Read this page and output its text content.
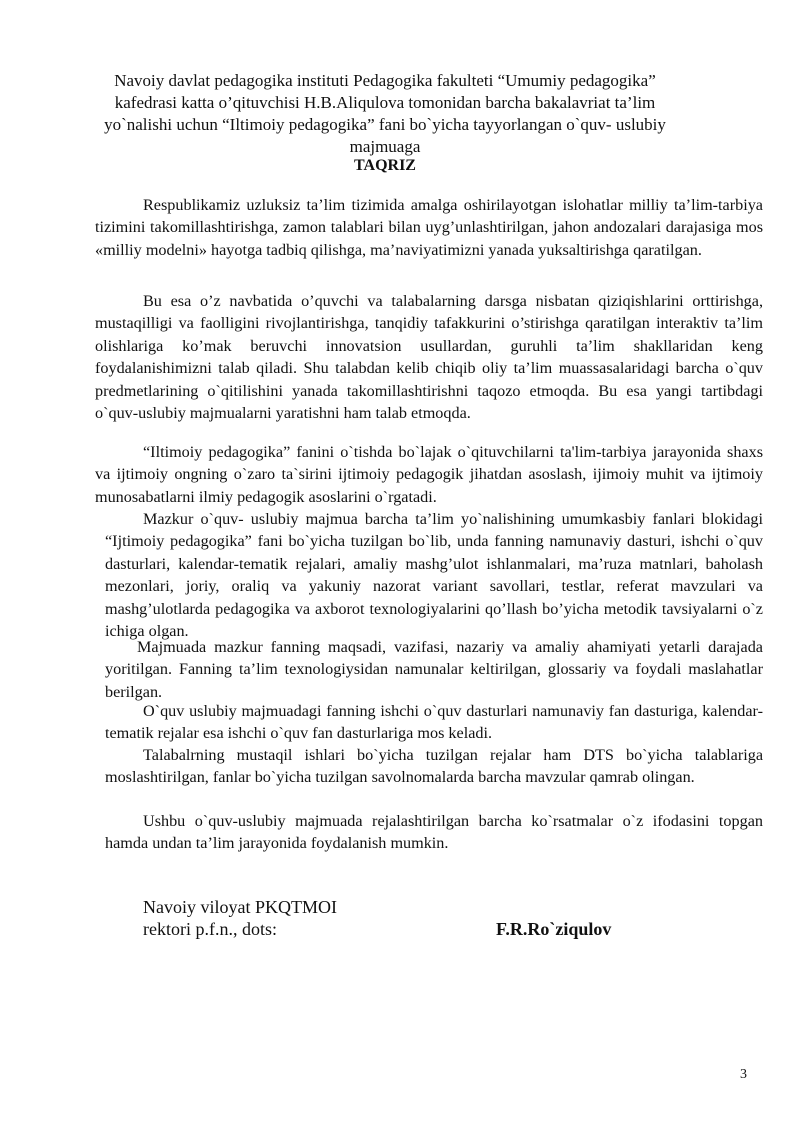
Navoiy davlat pedagogika instituti Pedagogika fakulteti “Umumiy pedagogika” kafedrasi katta o’qituvchisi H.B.Aliqulova tomonidan barcha bakalavriat ta’lim yo`nalishi uchun “Iltimoiy pedagogika” fani bo`yicha tayyorlangan o`quv- uslubiy majmuaga
TAQRIZ

Respublikamiz uzluksiz ta’lim tizimida amalga oshirilayotgan islohatlar milliy ta’lim-tarbiya tizimini takomillashtirishga, zamon talablari bilan uyg’unlashtirilgan, jahon andozalari darajasiga mos «milliy modelni» hayotga tadbiq qilishga, ma’naviyatimizni yanada yuksaltirishga qaratilgan.

Bu esa o’z navbatida o’quvchi va talabalarning darsga nisbatan qiziqishlarini orttirishga, mustaqilligi va faolligini rivojlantirishga, tanqidiy tafakkurini o’stirishga qaratilgan interaktiv ta’lim olishlariga ko’mak beruvchi innovatsion usullardan, guruhli ta’lim shakllaridan keng foydalanishimizni talab qiladi. Shu talabdan kelib chiqib oliy ta’lim muassasalaridagi barcha o`quv predmetlarining o`qitilishini yanada takomillashtirishni taqozo etmoqda. Bu esa yangi tartibdagi o`quv-uslubiy majmualarni yaratishni ham talab etmoqda.

“Iltimoiy pedagogika” fanini o`tishda bo`lajak o`qituvchilarni ta'lim-tarbiya jarayonida shaxs va ijtimoiy ongning o`zaro ta`sirini ijtimoiy pedagogik jihatdan asoslash, ijimoiy muhit va ijtimoiy munosabatlarni ilmiy pedagogik asoslarini o`rgatadi.

Mazkur o`quv- uslubiy majmua barcha ta’lim yo`nalishining umumkasbiy fanlari blokidagi “Ijtimoiy pedagogika” fani bo`yicha tuzilgan bo`lib, unda fanning namunaviy dasturi, ishchi o`quv dasturlari, kalendar-tematik rejalari, amaliy mashg’ulot ishlanmalari, ma’ruza matnlari, baholash mezonlari, joriy, oraliq va yakuniy nazorat variant savollari, testlar, referat mavzulari va mashg’ulotlarda pedagogika va axborot texnologiyalarini qo’llash bo’yicha metodik tavsiyalarni o`z ichiga olgan.

Majmuada mazkur fanning maqsadi, vazifasi, nazariy va amaliy ahamiyati yetarli darajada yoritilgan. Fanning ta’lim texnologiysidan namunalar keltirilgan, glossariy va foydali maslahatlar berilgan.

O`quv uslubiy majmuadagi fanning ishchi o`quv dasturlari namunaviy fan dasturiga, kalendar-tematik rejalar esa ishchi o`quv fan dasturlariga mos keladi.

Talabalrning mustaqil ishlari bo`yicha tuzilgan rejalar ham DTS bo`yicha talablariga moslashtirilgan, fanlar bo`yicha tuzilgan savolnomalarda barcha mavzular qamrab olingan.

Ushbu o`quv-uslubiy majmuada rejalashtirilgan barcha ko`rsatmalar o`z ifodasini topgan hamda undan ta’lim jarayonida foydalanish mumkin.

Navoiy viloyat PKQTMOI
rektori p.f.n., dots:	F.R.Ro`ziqulov
3
